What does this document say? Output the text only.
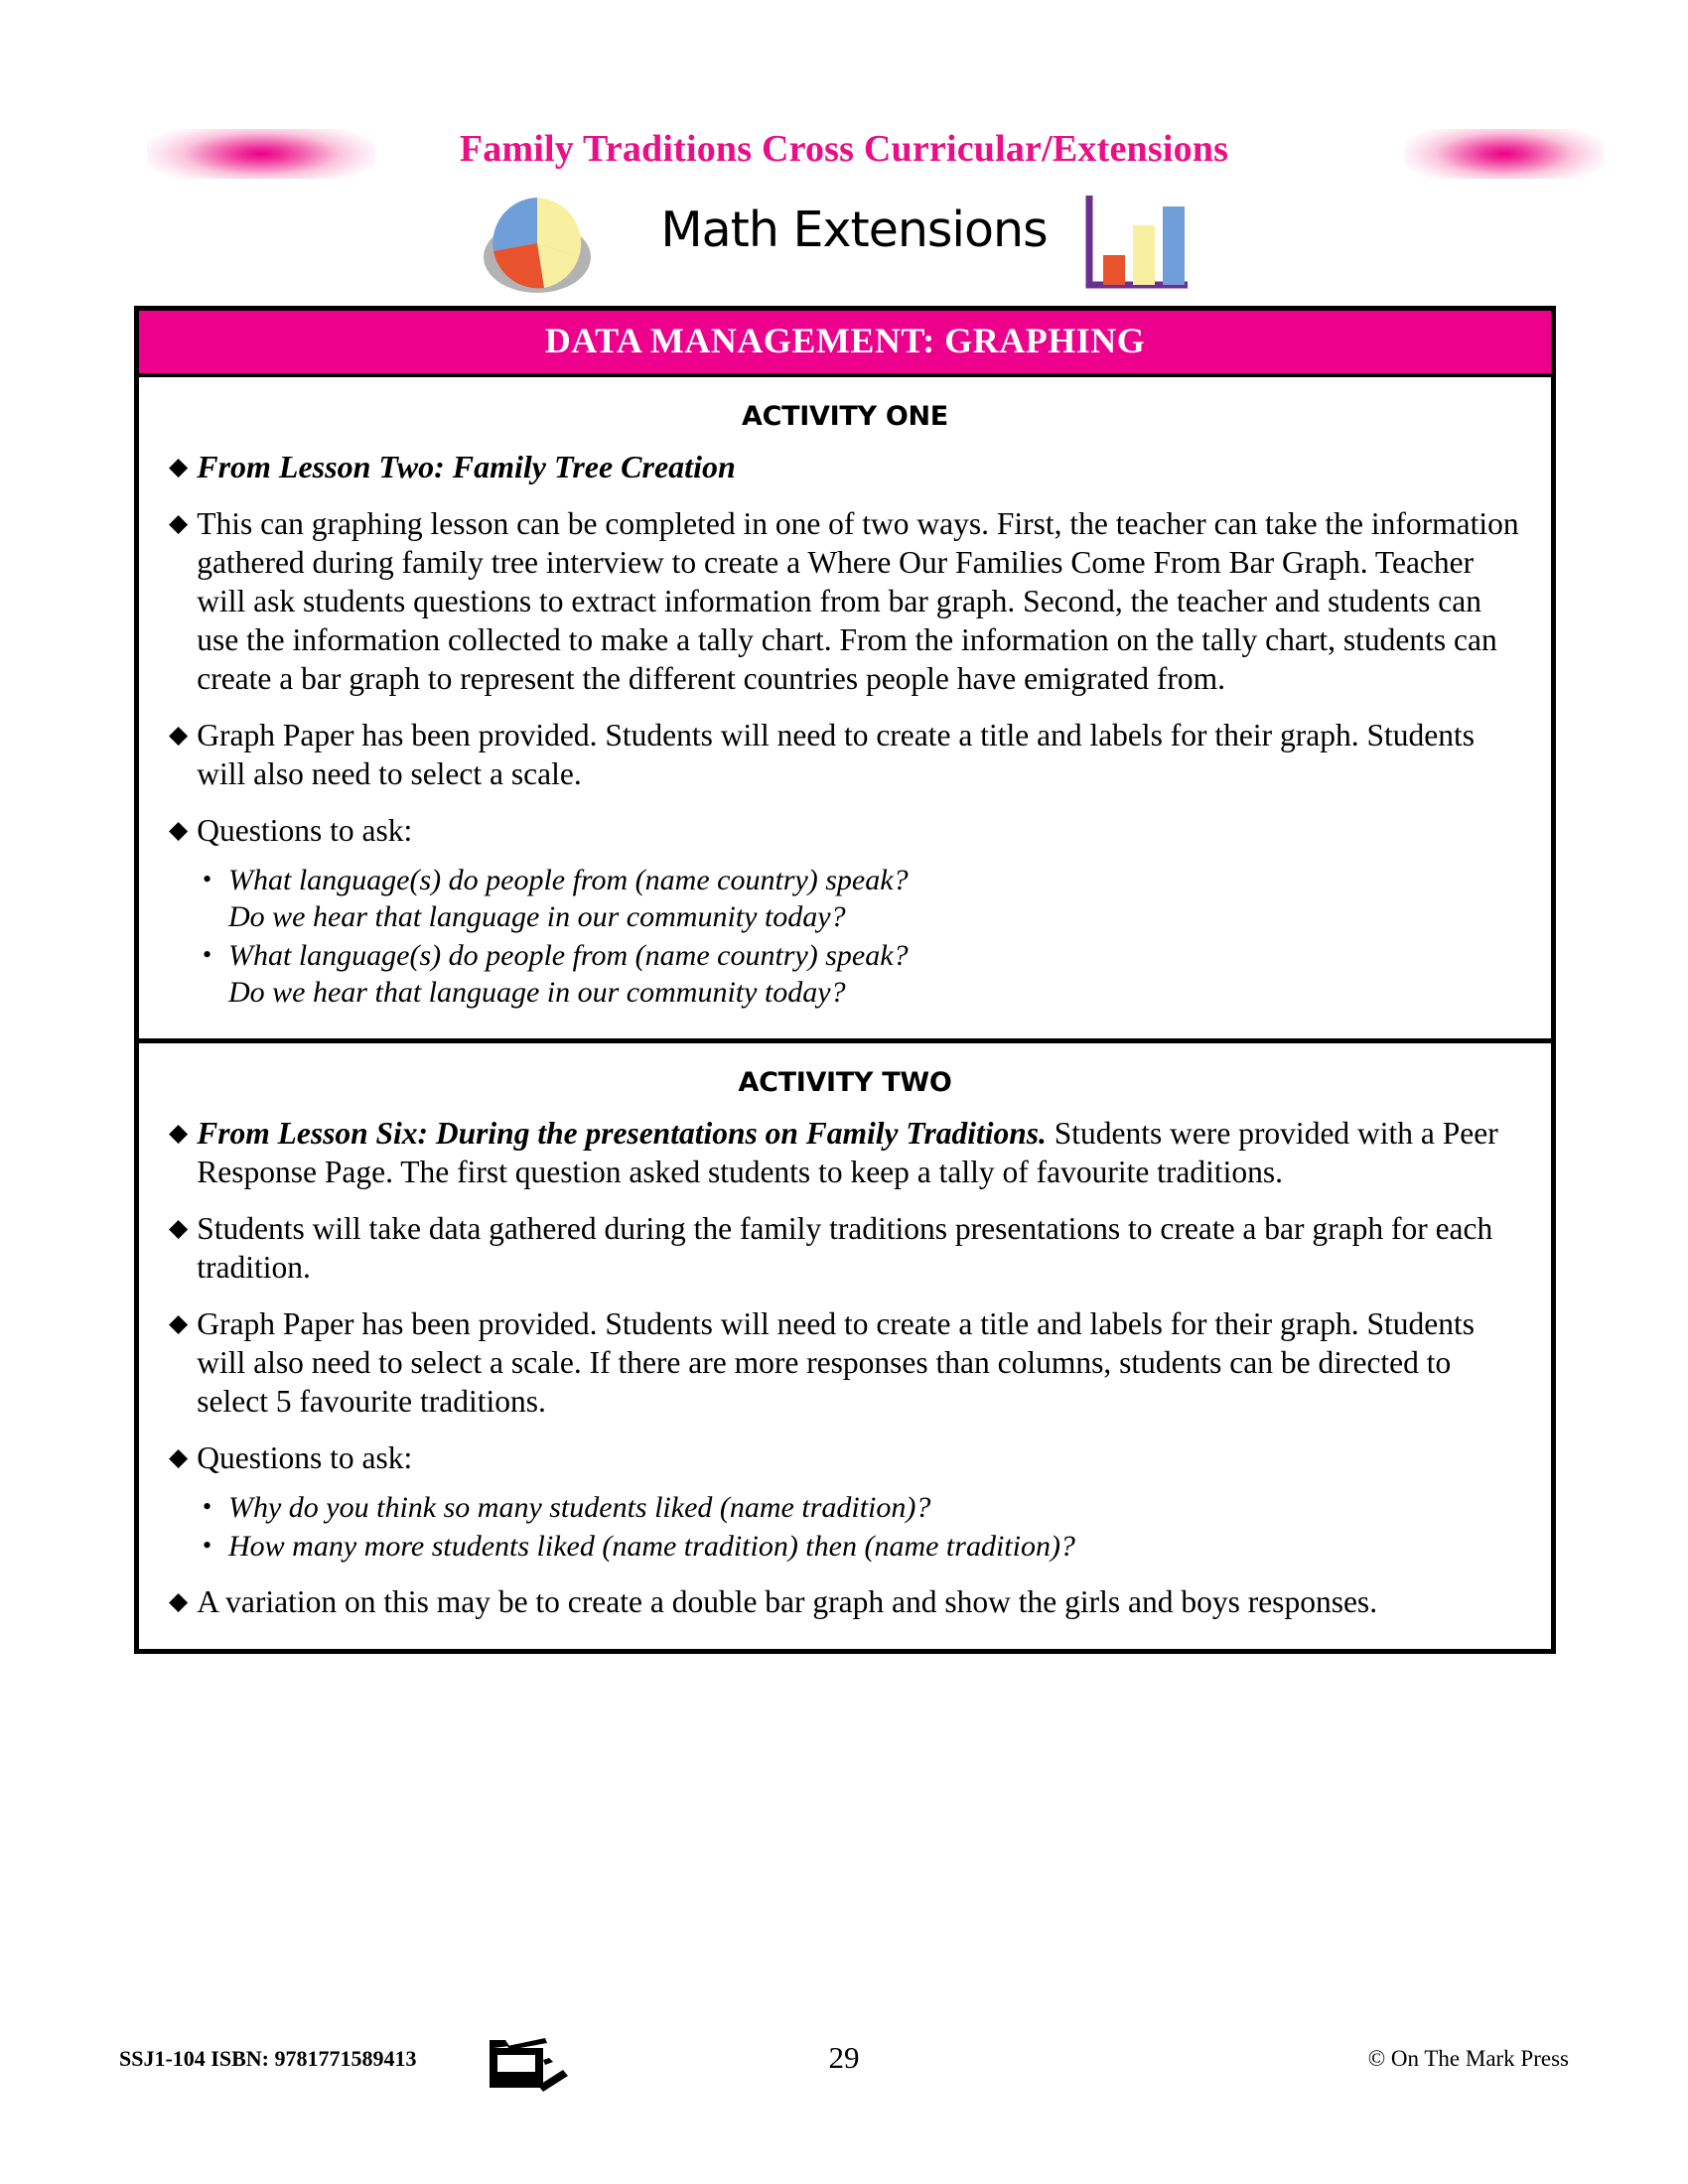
Family Traditions Cross Curricular/Extensions
Math Extensions
DATA MANAGEMENT: GRAPHING
ACTIVITY ONE
◆ From Lesson Two: Family Tree Creation
◆ This can graphing lesson can be completed in one of two ways. First, the teacher can take the information gathered during family tree interview to create a Where Our Families Come From Bar Graph. Teacher will ask students questions to extract information from bar graph. Second, the teacher and students can use the information collected to make a tally chart. From the information on the tally chart, students can create a bar graph to represent the different countries people have emigrated from.
◆ Graph Paper has been provided. Students will need to create a title and labels for their graph. Students will also need to select a scale.
◆ Questions to ask:
• What language(s) do people from (name country) speak?
Do we hear that language in our community today?
• What language(s) do people from (name country) speak?
Do we hear that language in our community today?
ACTIVITY TWO
◆ From Lesson Six: During the presentations on Family Traditions. Students were provided with a Peer Response Page. The first question asked students to keep a tally of favourite traditions.
◆ Students will take data gathered during the family traditions presentations to create a bar graph for each tradition.
◆ Graph Paper has been provided. Students will need to create a title and labels for their graph. Students will also need to select a scale. If there are more responses than columns, students can be directed to select 5 favourite traditions.
◆ Questions to ask:
• Why do you think so many students liked (name tradition)?
• How many more students liked (name tradition) then (name tradition)?
◆ A variation on this may be to create a double bar graph and show the girls and boys responses.
SSJ1-104 ISBN: 9781771589413	29	© On The Mark Press
